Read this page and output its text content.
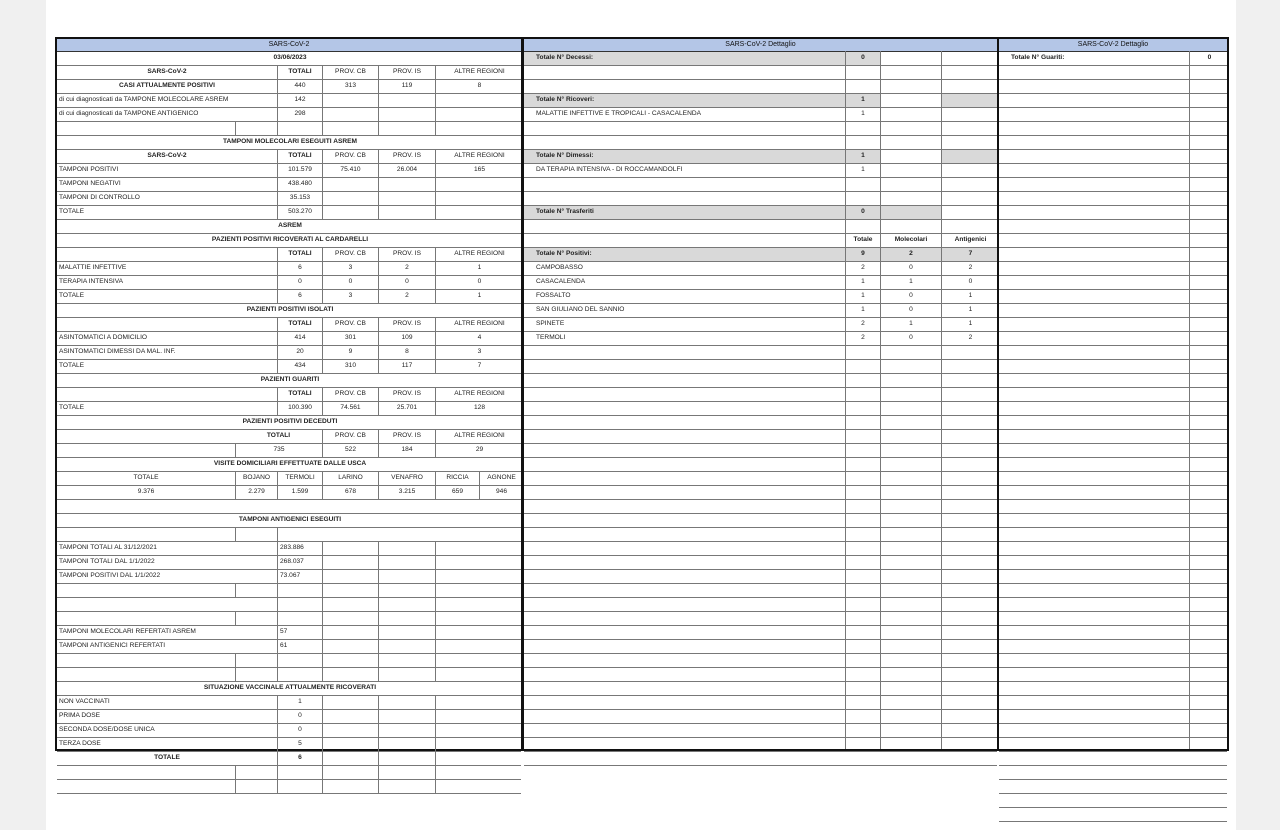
SARS-CoV-2
03/06/2023
SARS-CoV-2	TOTALI	PROV. CB	PROV. IS	ALTRE REGIONI
CASI ATTUALMENTE POSITIVI	440	313	119	8
di cui diagnosticati da TAMPONE MOLECOLARE ASREM	142
di cui diagnosticati da TAMPONE ANTIGENICO	298
TAMPONI MOLECOLARI ESEGUITI ASREM
SARS-CoV-2	TOTALI	PROV. CB	PROV. IS	ALTRE REGIONI
TAMPONI POSITIVI	101.579	75.410	26.004	165
TAMPONI NEGATIVI	438.480
TAMPONI DI CONTROLLO	35.153
TOTALE	503.270
ASREM
PAZIENTI POSITIVI RICOVERATI AL CARDARELLI
TOTALI	PROV. CB	PROV. IS	ALTRE REGIONI
MALATTIE INFETTIVE	6	3	2	1
TERAPIA INTENSIVA	0	0	0	0
TOTALE	6	3	2	1
PAZIENTI POSITIVI ISOLATI
TOTALI	PROV. CB	PROV. IS	ALTRE REGIONI
ASINTOMATICI A DOMICILIO	414	301	109	4
ASINTOMATICI DIMESSI DA MAL. INF.	20	9	8	3
TOTALE	434	310	117	7
PAZIENTI GUARITI
TOTALI	PROV. CB	PROV. IS	ALTRE REGIONI
TOTALE	100.390	74.561	25.701	128
PAZIENTI POSITIVI DECEDUTI
TOTALI	PROV. CB	PROV. IS	ALTRE REGIONI
735	522	184	29
VISITE DOMICILIARI EFFETTUATE DALLE USCA
TOTALE	BOJANO	TERMOLI	LARINO	VENAFRO	RICCIA	AGNONE
9.376	2.279	1.599	678	3.215	659	946
TAMPONI ANTIGENICI ESEGUITI
TAMPONI TOTALI AL 31/12/2021	283.886
TAMPONI TOTALI DAL 1/1/2022	268.037
TAMPONI POSITIVI DAL 1/1/2022	73.067
TAMPONI MOLECOLARI REFERTATI ASREM	57
TAMPONI ANTIGENICI REFERTATI	61
SITUAZIONE VACCINALE ATTUALMENTE RICOVERATI
NON VACCINATI	1
PRIMA DOSE	0
SECONDA DOSE/DOSE UNICA	0
TERZA DOSE	5
TOTALE	6
SARS-CoV-2 Dettaglio
Totale N° Decessi:	0
Totale N° Ricoveri:	1
MALATTIE INFETTIVE E TROPICALI - CASACALENDA	1
Totale N° Dimessi:	1
DA TERAPIA INTENSIVA - DI ROCCAMANDOLFI	1
Totale N° Trasferiti	0
Totale	Molecolari	Antigenici
Totale N° Positivi:	9	2	7
CAMPOBASSO	2	0	2
CASACALENDA	1	1	0
FOSSALTO	1	0	1
SAN GIULIANO DEL SANNIO	1	0	1
SPINETE	2	1	1
TERMOLI	2	0	2
SARS-CoV-2 Dettaglio
Totale N° Guariti:	0
